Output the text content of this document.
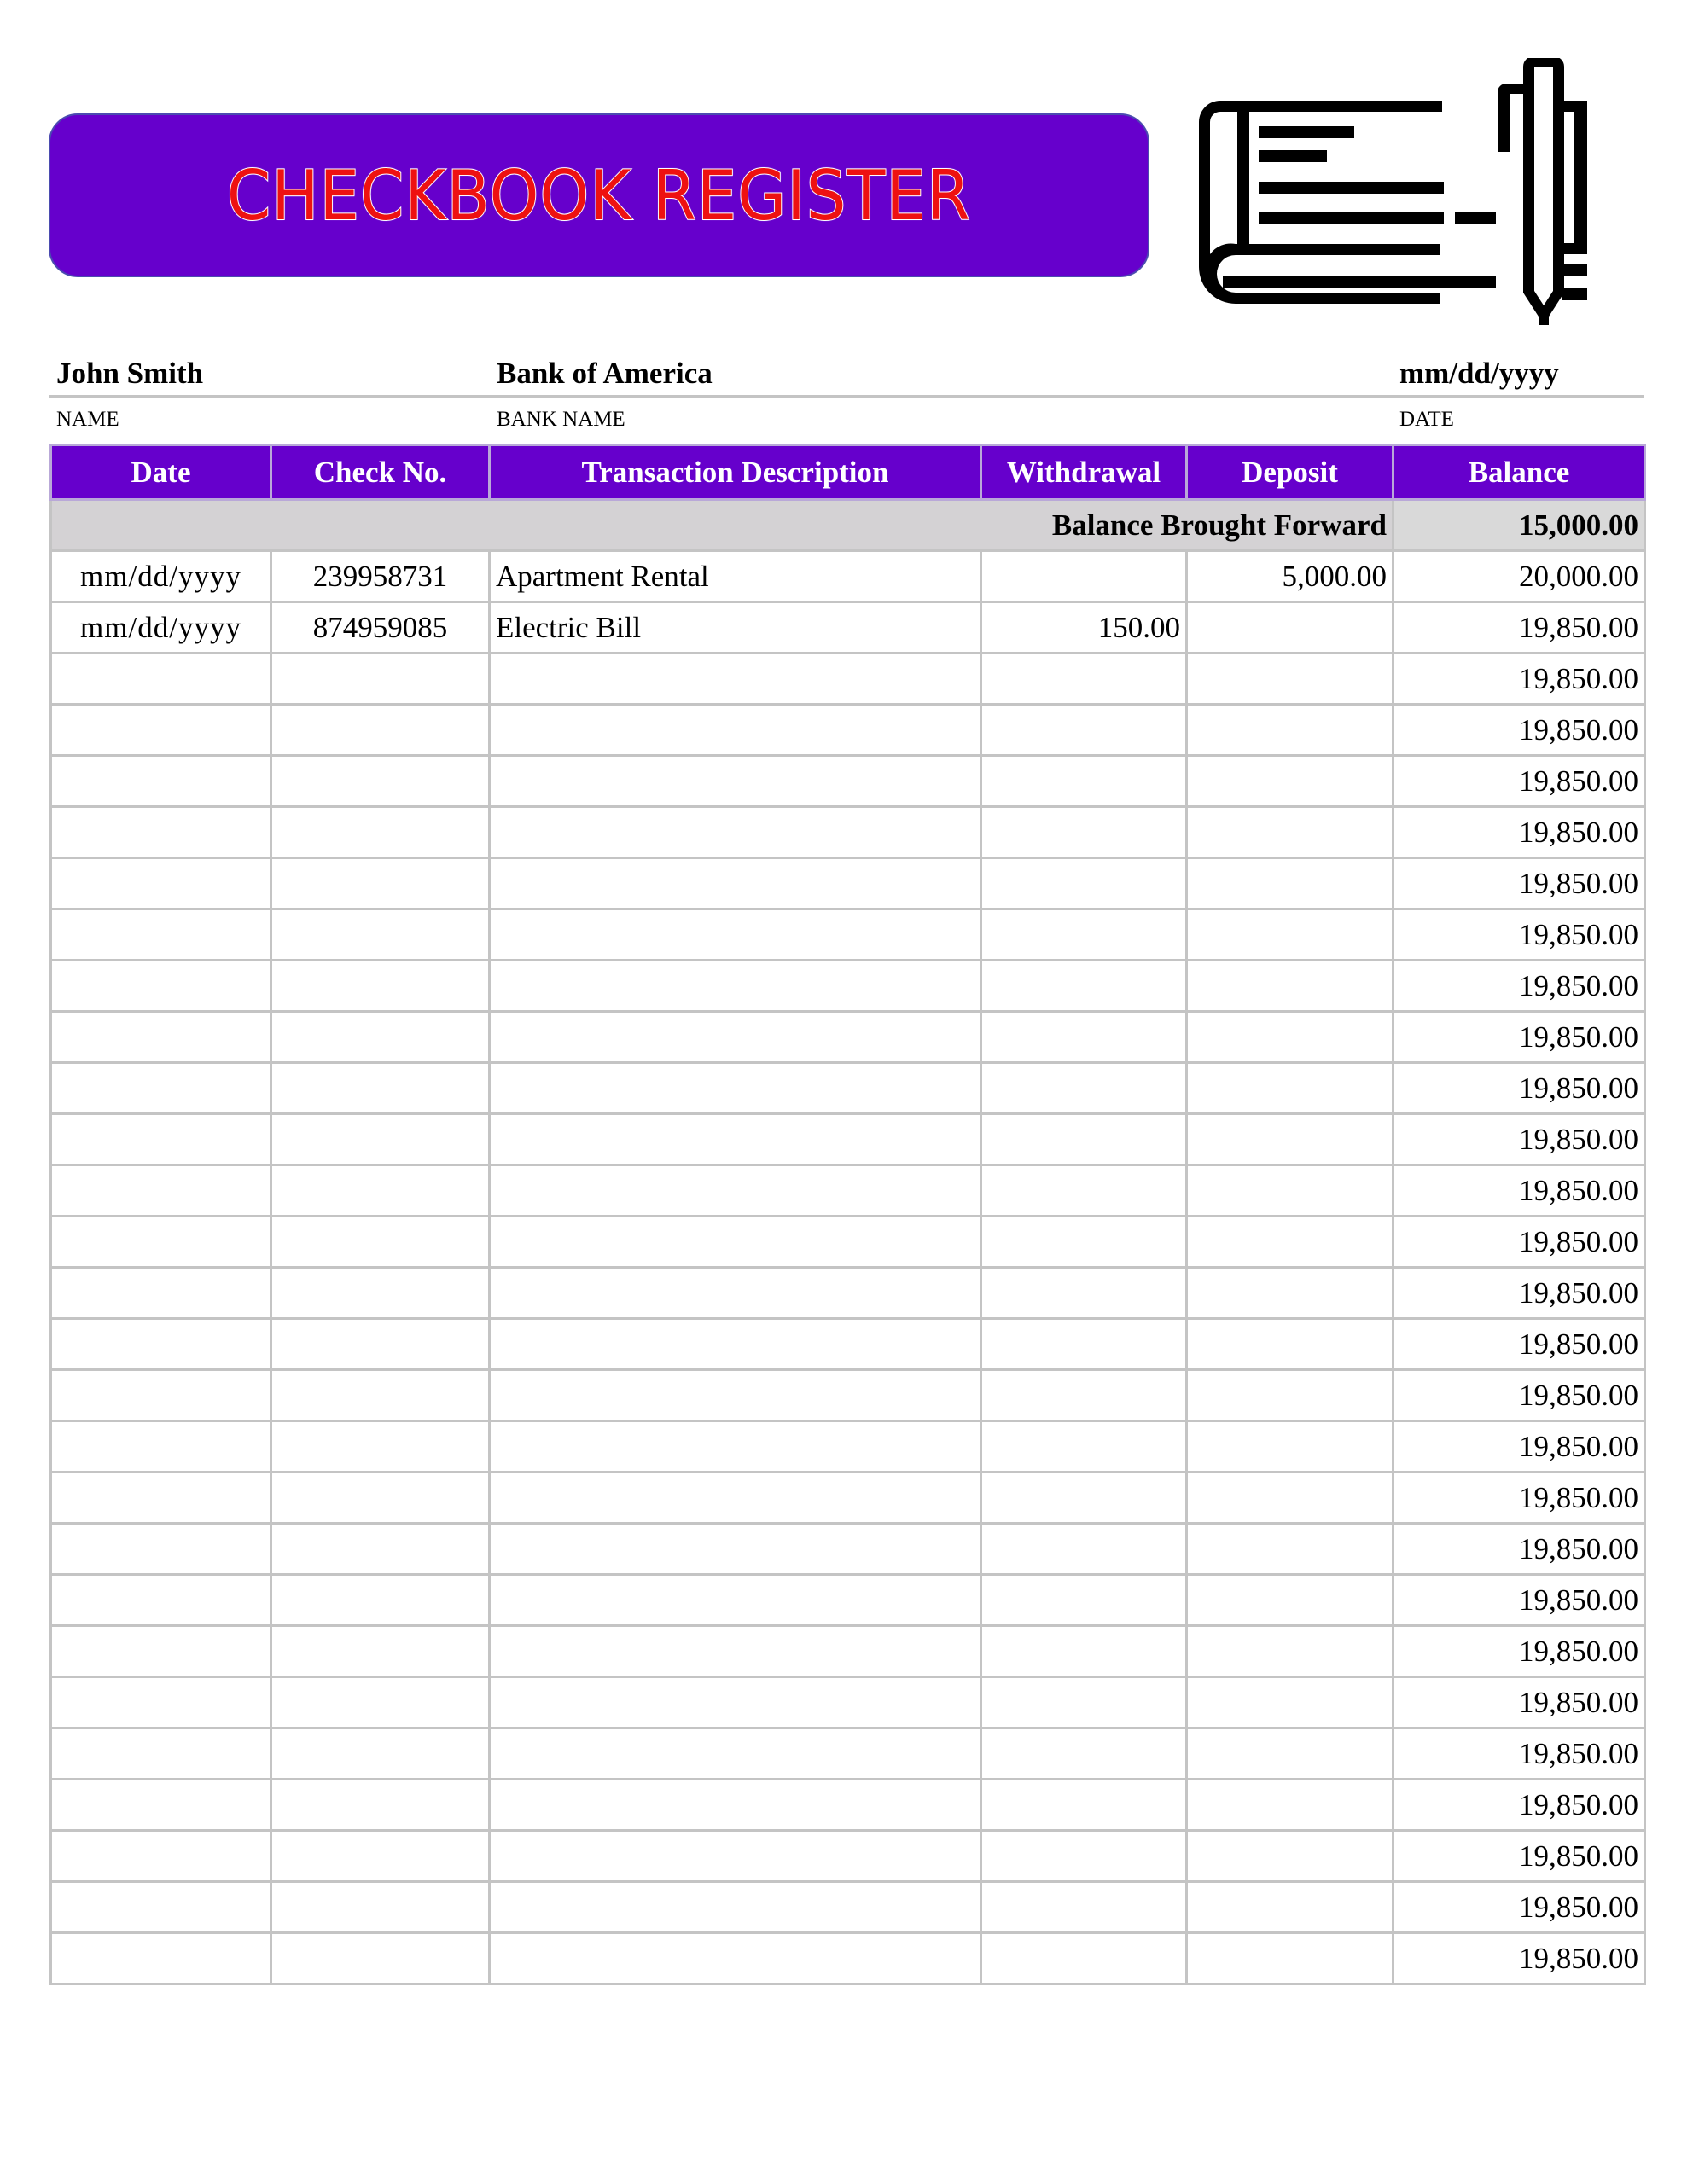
CHECKBOOK REGISTER
John Smith	Bank of America	mm/dd/yyyy
NAME	BANK NAME	DATE
Date	Check No.	Transaction Description	Withdrawal	Deposit	Balance
Balance Brought Forward					15,000.00
mm/dd/yyyy	239958731	Apartment Rental		5,000.00	20,000.00
mm/dd/yyyy	874959085	Electric Bill	150.00		19,850.00
					19,850.00
					19,850.00
					19,850.00
					19,850.00
					19,850.00
					19,850.00
					19,850.00
					19,850.00
					19,850.00
					19,850.00
					19,850.00
					19,850.00
					19,850.00
					19,850.00
					19,850.00
					19,850.00
					19,850.00
					19,850.00
					19,850.00
					19,850.00
					19,850.00
					19,850.00
					19,850.00
					19,850.00
					19,850.00
					19,850.00
